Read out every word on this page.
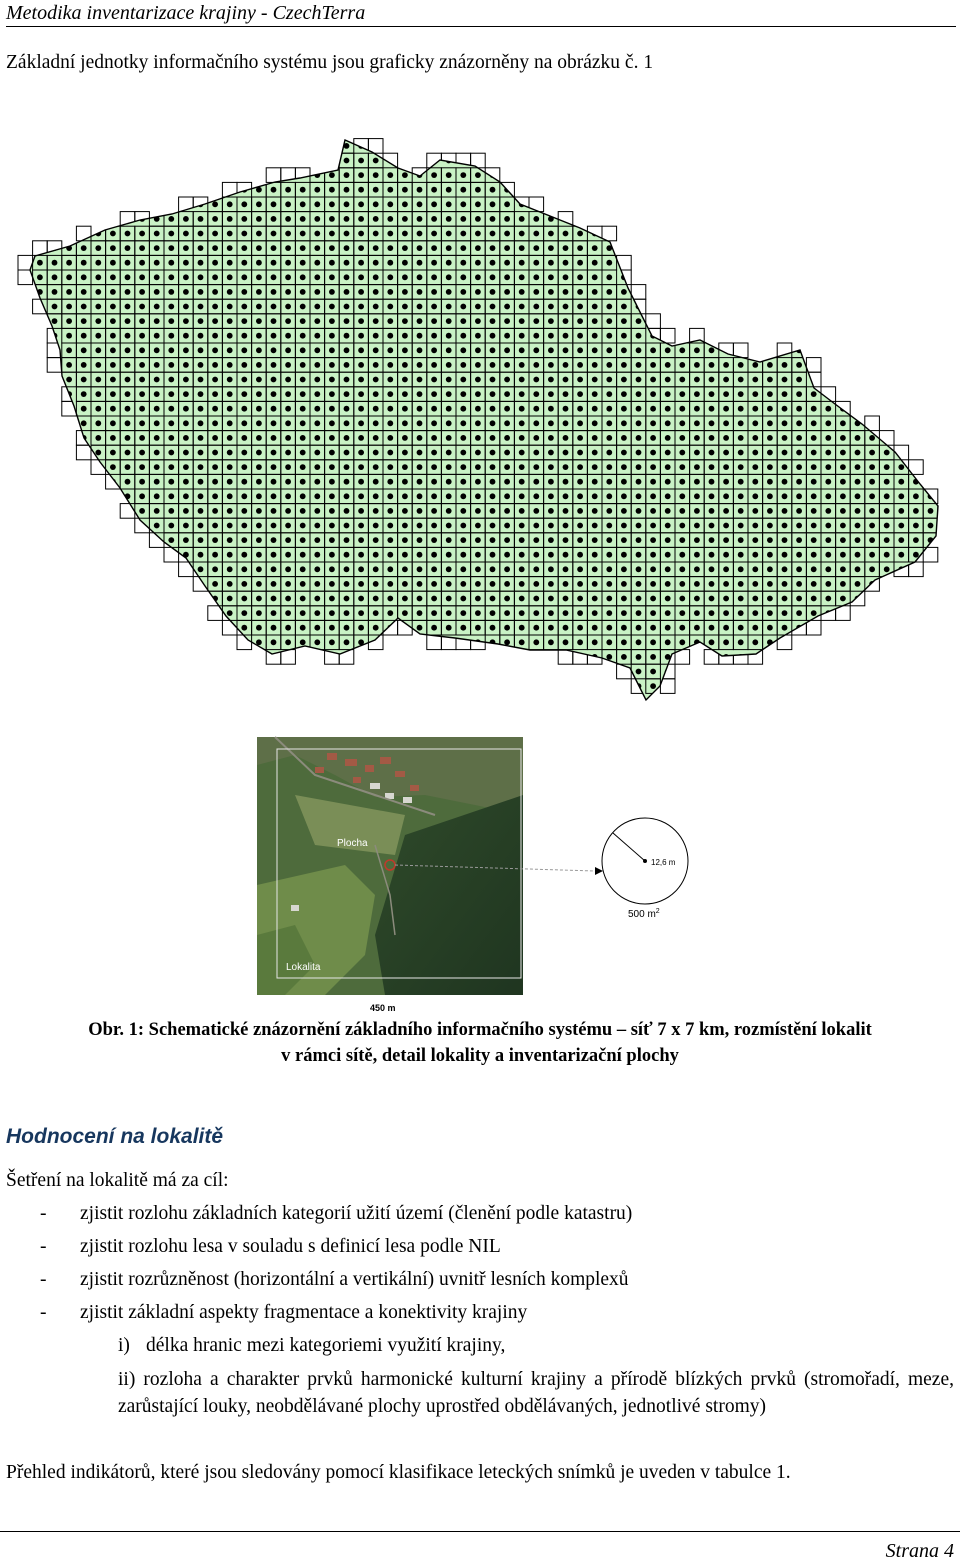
Metodika inventarizace krajiny - CzechTerra
Základní jednotky informačního systému jsou graficky znázorněny na obrázku č. 1
Plocha
Lokalita
12,6 m
500 $m^2$
450 m
Obr. 1: Schematické znázornění základního informačního systému – síť 7 x 7 km, rozmístění lokalit
v rámci sítě, detail lokality a inventarizační plochy
Hodnocení na lokalitě
Šetření na lokalitě má za cíl:
- zjistit rozlohu základních kategorií užití území (členění podle katastru)
- zjistit rozlohu lesa v souladu s definicí lesa podle NIL
- zjistit rozrůzněnost (horizontální a vertikální) uvnitř lesních komplexů
- zjistit základní aspekty fragmentace a konektivity krajiny
i) délka hranic mezi kategoriemi využití krajiny,
ii) rozloha a charakter prvků harmonické kulturní krajiny a přírodě blízkých prvků (stromořadí, meze, zarůstající louky, neobdělávané plochy uprostřed obdělávaných, jednotlivé stromy)
Přehled indikátorů, které jsou sledovány pomocí klasifikace leteckých snímků je uveden v tabulce 1.
Strana 4
